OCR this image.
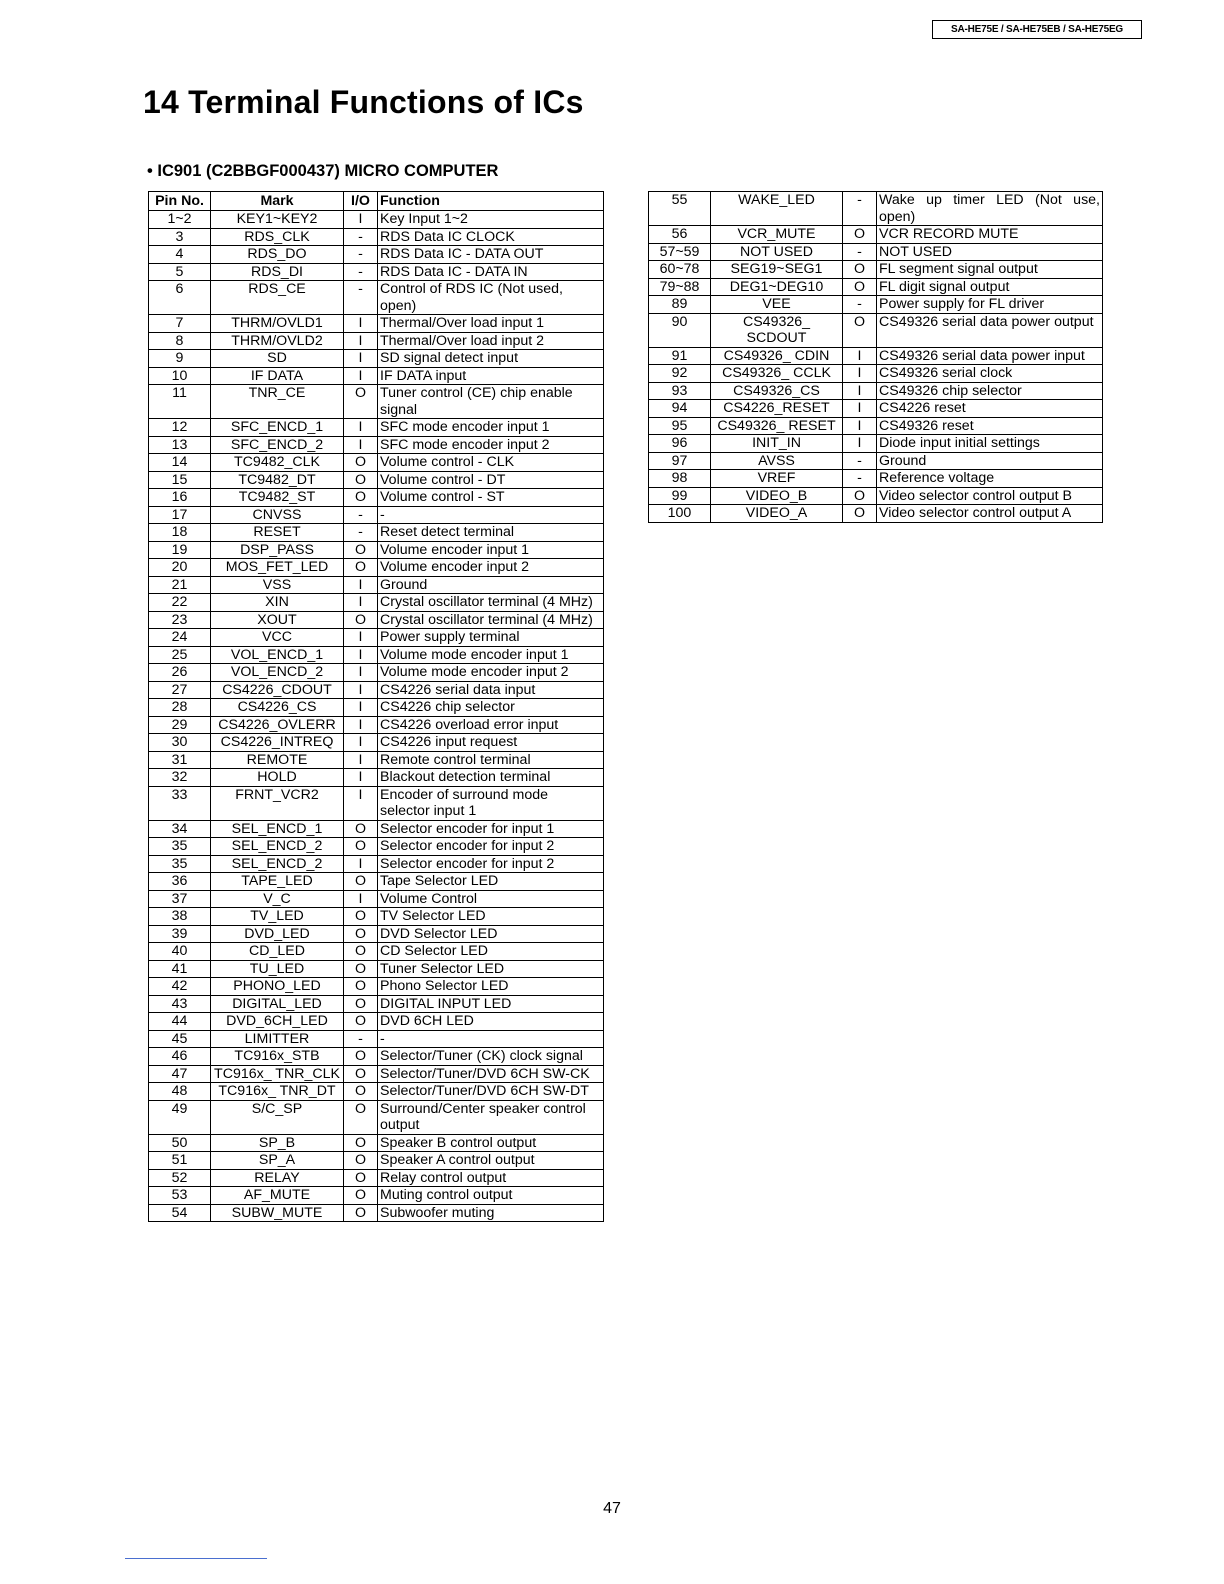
SA-HE75E / SA-HE75EB / SA-HE75EG
14 Terminal Functions of ICs
• IC901 (C2BBGF000437) MICRO COMPUTER
Pin No.	Mark	I/O	Function
1~2	KEY1~KEY2	I	Key Input 1~2
3	RDS_CLK	-	RDS Data IC CLOCK
4	RDS_DO	-	RDS Data IC - DATA OUT
5	RDS_DI	-	RDS Data IC - DATA IN
6	RDS_CE	-	Control of RDS IC (Not used, open)
7	THRM/OVLD1	I	Thermal/Over load input 1
8	THRM/OVLD2	I	Thermal/Over load input 2
9	SD	I	SD signal detect input
10	IF DATA	I	IF DATA input
11	TNR_CE	O	Tuner control (CE) chip enable signal
12	SFC_ENCD_1	I	SFC mode encoder input 1
13	SFC_ENCD_2	I	SFC mode encoder input 2
14	TC9482_CLK	O	Volume control - CLK
15	TC9482_DT	O	Volume control - DT
16	TC9482_ST	O	Volume control - ST
17	CNVSS	-	-
18	RESET	-	Reset detect terminal
19	DSP_PASS	O	Volume encoder input 1
20	MOS_FET_LED	O	Volume encoder input 2
21	VSS	I	Ground
22	XIN	I	Crystal oscillator terminal (4 MHz)
23	XOUT	O	Crystal oscillator terminal (4 MHz)
24	VCC	I	Power supply terminal
25	VOL_ENCD_1	I	Volume mode encoder input 1
26	VOL_ENCD_2	I	Volume mode encoder input 2
27	CS4226_CDOUT	I	CS4226 serial data input
28	CS4226_CS	I	CS4226 chip selector
29	CS4226_OVLERR	I	CS4226 overload error input
30	CS4226_INTREQ	I	CS4226 input request
31	REMOTE	I	Remote control terminal
32	HOLD	I	Blackout detection terminal
33	FRNT_VCR2	I	Encoder of surround mode selector input 1
34	SEL_ENCD_1	O	Selector encoder for input 1
35	SEL_ENCD_2	O	Selector encoder for input 2
35	SEL_ENCD_2	I	Selector encoder for input 2
36	TAPE_LED	O	Tape Selector LED
37	V_C	I	Volume Control
38	TV_LED	O	TV Selector LED
39	DVD_LED	O	DVD Selector LED
40	CD_LED	O	CD Selector LED
41	TU_LED	O	Tuner Selector LED
42	PHONO_LED	O	Phono Selector LED
43	DIGITAL_LED	O	DIGITAL INPUT LED
44	DVD_6CH_LED	O	DVD 6CH LED
45	LIMITTER	-	-
46	TC916x_STB	O	Selector/Tuner (CK) clock signal
47	TC916x_ TNR_CLK	O	Selector/Tuner/DVD 6CH SW-CK
48	TC916x_ TNR_DT	O	Selector/Tuner/DVD 6CH SW-DT
49	S/C_SP	O	Surround/Center speaker control output
50	SP_B	O	Speaker B control output
51	SP_A	O	Speaker A control output
52	RELAY	O	Relay control output
53	AF_MUTE	O	Muting control output
54	SUBW_MUTE	O	Subwoofer muting
55	WAKE_LED	-	Wake up timer LED (Not use, open)
56	VCR_MUTE	O	VCR RECORD MUTE
57~59	NOT USED	-	NOT USED
60~78	SEG19~SEG1	O	FL segment signal output
79~88	DEG1~DEG10	O	FL digit signal output
89	VEE	-	Power supply for FL driver
90	CS49326_ SCDOUT	O	CS49326 serial data power output
91	CS49326_ CDIN	I	CS49326 serial data power input
92	CS49326_ CCLK	I	CS49326 serial clock
93	CS49326_CS	I	CS49326 chip selector
94	CS4226_RESET	I	CS4226 reset
95	CS49326_ RESET	I	CS49326 reset
96	INIT_IN	I	Diode input initial settings
97	AVSS	-	Ground
98	VREF	-	Reference voltage
99	VIDEO_B	O	Video selector control output B
100	VIDEO_A	O	Video selector control output A
47
